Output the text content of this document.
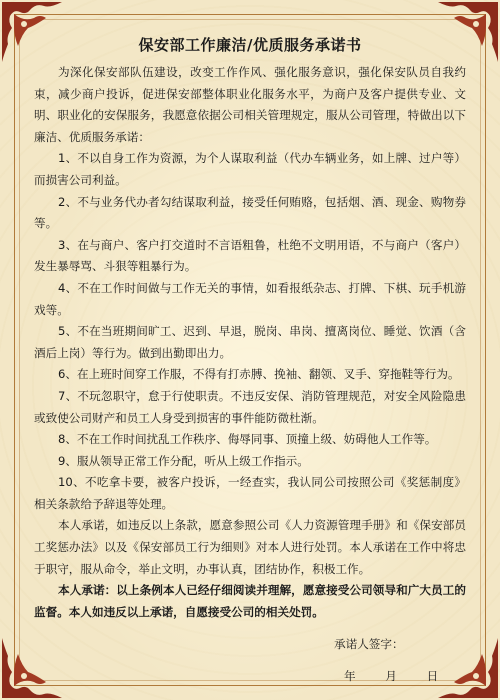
保安部工作廉洁/优质服务承诺书

为深化保安部队伍建设，改变工作作风、强化服务意识，强化保安队员自我约束，减少商户投诉，促进保安部整体职业化服务水平，为商户及客户提供专业、文明、职业化的安保服务，我愿意依据公司相关管理规定，服从公司管理，特做出以下廉洁、优质服务承诺：

1、不以自身工作为资源，为个人谋取利益（代办车辆业务，如上牌、过户等）而损害公司利益。

2、不与业务代办者勾结谋取利益，接受任何贿赂，包括烟、酒、现金、购物券等。

3、在与商户、客户打交道时不言语粗鲁，杜绝不文明用语，不与商户（客户）发生暴辱骂、斗狠等粗暴行为。

4、不在工作时间做与工作无关的事情，如看报纸杂志、打牌、下棋、玩手机游戏等。

5、不在当班期间旷工、迟到、早退，脱岗、串岗、擅离岗位、睡觉、饮酒（含酒后上岗）等行为。做到出勤即出力。

6、在上班时间穿工作服，不得有打赤膊、挽袖、翻领、叉手、穿拖鞋等行为。

7、不玩忽职守，怠于行使职责。不违反安保、消防管理规范，对安全风险隐患或致使公司财产和员工人身受到损害的事件能防微杜渐。

8、不在工作时间扰乱工作秩序、侮辱同事、顶撞上级、妨碍他人工作等。

9、服从领导正常工作分配，听从上级工作指示。

10、不吃拿卡要，被客户投诉，一经查实，我认同公司按照公司《奖惩制度》相关条款给予辞退等处理。

本人承诺，如违反以上条款，愿意参照公司《人力资源管理手册》和《保安部员工奖惩办法》以及《保安部员工行为细则》对本人进行处罚。本人承诺在工作中将忠于职守，服从命令，举止文明，办事认真，团结协作，积极工作。

本人承诺：以上条例本人已经仔细阅读并理解，愿意接受公司领导和广大员工的监督。本人如违反以上承诺，自愿接受公司的相关处罚。

承诺人签字：
年	月	日
